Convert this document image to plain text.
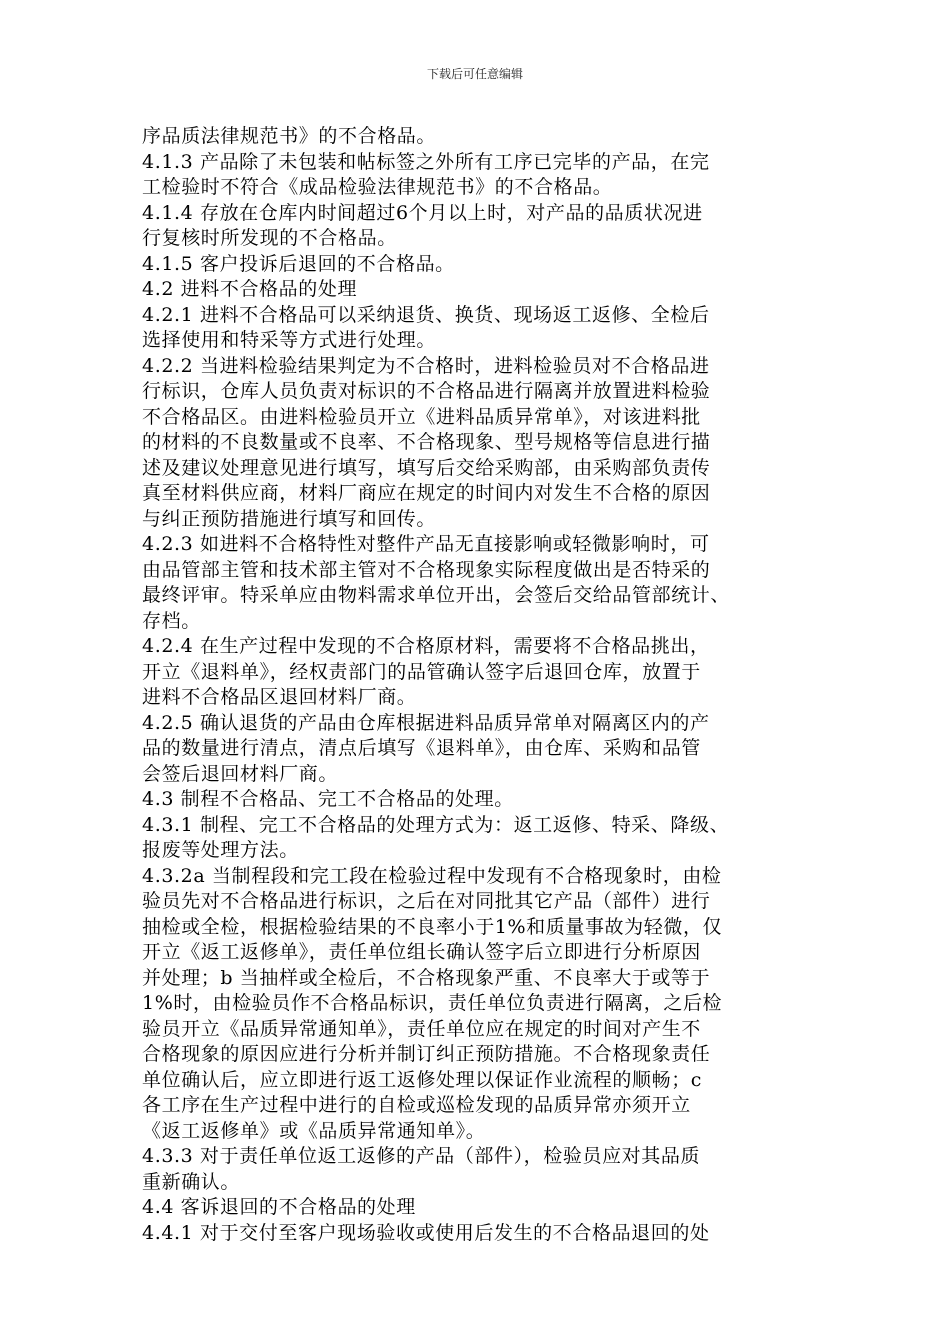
下载后可任意编辑
序品质法律规范书》的不合格品。
4.1.3 产品除了未包装和帖标签之外所有工序已完毕的产品，在完
工检验时不符合《成品检验法律规范书》的不合格品。
4.1.4 存放在仓库内时间超过6个月以上时，对产品的品质状况进
行复核时所发现的不合格品。
4.1.5 客户投诉后退回的不合格品。
4.2 进料不合格品的处理
4.2.1 进料不合格品可以采纳退货、换货、现场返工返修、全检后
选择使用和特采等方式进行处理。
4.2.2 当进料检验结果判定为不合格时，进料检验员对不合格品进
行标识，仓库人员负责对标识的不合格品进行隔离并放置进料检验
不合格品区。由进料检验员开立《进料品质异常单》，对该进料批
的材料的不良数量或不良率、不合格现象、型号规格等信息进行描
述及建议处理意见进行填写，填写后交给采购部，由采购部负责传
真至材料供应商，材料厂商应在规定的时间内对发生不合格的原因
与纠正预防措施进行填写和回传。
4.2.3 如进料不合格特性对整件产品无直接影响或轻微影响时，可
由品管部主管和技术部主管对不合格现象实际程度做出是否特采的
最终评审。特采单应由物料需求单位开出，会签后交给品管部统计、
存档。
4.2.4 在生产过程中发现的不合格原材料，需要将不合格品挑出，
开立《退料单》，经权责部门的品管确认签字后退回仓库，放置于
进料不合格品区退回材料厂商。
4.2.5 确认退货的产品由仓库根据进料品质异常单对隔离区内的产
品的数量进行清点，清点后填写《退料单》，由仓库、采购和品管
会签后退回材料厂商。
4.3 制程不合格品、完工不合格品的处理。
4.3.1 制程、完工不合格品的处理方式为：返工返修、特采、降级、
报废等处理方法。
4.3.2a 当制程段和完工段在检验过程中发现有不合格现象时，由检
验员先对不合格品进行标识，之后在对同批其它产品（部件）进行
抽检或全检，根据检验结果的不良率小于1%和质量事故为轻微，仅
开立《返工返修单》，责任单位组长确认签字后立即进行分析原因
并处理；b 当抽样或全检后，不合格现象严重、不良率大于或等于
1%时，由检验员作不合格品标识，责任单位负责进行隔离，之后检
验员开立《品质异常通知单》，责任单位应在规定的时间对产生不
合格现象的原因应进行分析并制订纠正预防措施。不合格现象责任
单位确认后，应立即进行返工返修处理以保证作业流程的顺畅；c
各工序在生产过程中进行的自检或巡检发现的品质异常亦须开立
《返工返修单》或《品质异常通知单》。
4.3.3 对于责任单位返工返修的产品（部件），检验员应对其品质
重新确认。
4.4 客诉退回的不合格品的处理
4.4.1 对于交付至客户现场验收或使用后发生的不合格品退回的处
